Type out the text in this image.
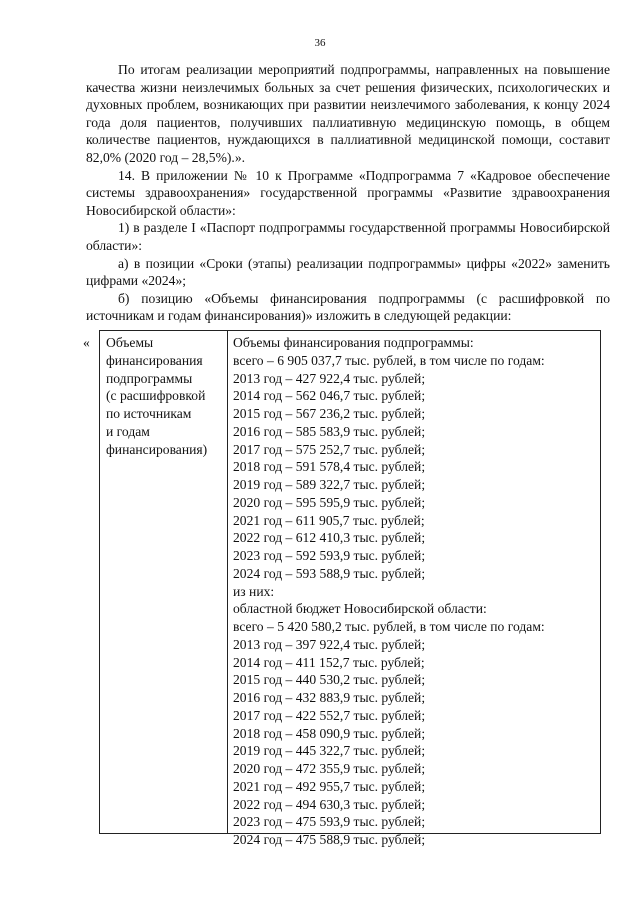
36

По итогам реализации мероприятий подпрограммы, направленных на повышение качества жизни неизлечимых больных за счет решения физических, психологических и духовных проблем, возникающих при развитии неизлечимого заболевания, к концу 2024 года доля пациентов, получивших паллиативную медицинскую помощь, в общем количестве пациентов, нуждающихся в паллиативной медицинской помощи, составит 82,0% (2020 год – 28,5%).».

14. В приложении № 10 к Программе «Подпрограмма 7 «Кадровое обеспечение системы здравоохранения» государственной программы «Развитие здравоохранения Новосибирской области»:

1) в разделе I «Паспорт подпрограммы государственной программы Новосибирской области»:

а) в позиции «Сроки (этапы) реализации подпрограммы» цифры «2022» заменить цифрами «2024»;

б) позицию «Объемы финансирования подпрограммы (с расшифровкой по источникам и годам финансирования)» изложить в следующей редакции:

« Объемы
финансирования
подпрограммы
(с расшифровкой
по источникам
и годам
финансирования)
Объемы финансирования подпрограммы:
всего – 6 905 037,7 тыс. рублей, в том числе по годам:
2013 год – 427 922,4 тыс. рублей;
2014 год – 562 046,7 тыс. рублей;
2015 год – 567 236,2 тыс. рублей;
2016 год – 585 583,9 тыс. рублей;
2017 год – 575 252,7 тыс. рублей;
2018 год – 591 578,4 тыс. рублей;
2019 год – 589 322,7 тыс. рублей;
2020 год – 595 595,9 тыс. рублей;
2021 год – 611 905,7 тыс. рублей;
2022 год – 612 410,3 тыс. рублей;
2023 год – 592 593,9 тыс. рублей;
2024 год – 593 588,9 тыс. рублей;
из них:
областной бюджет Новосибирской области:
всего – 5 420 580,2 тыс. рублей, в том числе по годам:
2013 год – 397 922,4 тыс. рублей;
2014 год – 411 152,7 тыс. рублей;
2015 год – 440 530,2 тыс. рублей;
2016 год – 432 883,9 тыс. рублей;
2017 год – 422 552,7 тыс. рублей;
2018 год – 458 090,9 тыс. рублей;
2019 год – 445 322,7 тыс. рублей;
2020 год – 472 355,9 тыс. рублей;
2021 год – 492 955,7 тыс. рублей;
2022 год – 494 630,3 тыс. рублей;
2023 год – 475 593,9 тыс. рублей;
2024 год – 475 588,9 тыс. рублей;
